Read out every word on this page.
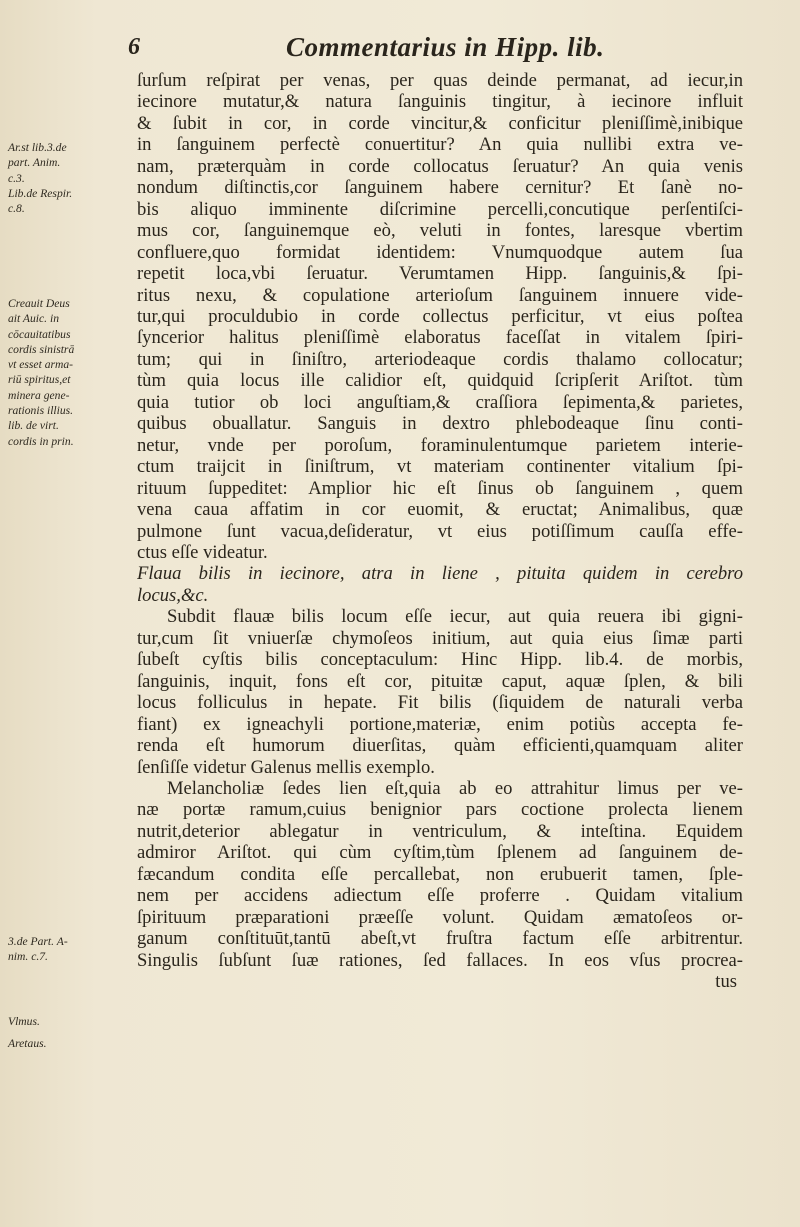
6	Commentarius in Hipp. lib.
Ar.st lib.3.de
part. Anim.
c.3.
Lib.de Respir.
c.8.
Creauit Deus
ait Auic. in
cōcauitatibus
cordis sinistrā
vt esset arma-
riū spiritus,et
minera gene-
rationis illius.
lib. de virt.
cordis in prin.
3.de Part. A-
nim. c.7.
Vlmus.
Aretaus.
ſurſum reſpirat per venas, per quas deinde permanat, ad iecur,in
iecinore mutatur,& natura ſanguinis tingitur, à iecinore influit
& ſubit in cor, in corde vincitur,& conficitur pleniſſimè,inibique
in ſanguinem perfectè conuertitur? An quia nullibi extra ve-
nam, præterquàm in corde collocatus ſeruatur? An quia venis
nondum diſtinctis,cor ſanguinem habere cernitur? Et ſanè no-
bis aliquo imminente diſcrimine percelli,concutique perſentiſci-
mus cor, ſanguinemque eò, veluti in fontes, laresque vbertim
confluere,quo formidat identidem: Vnumquodque autem ſua
repetit loca,vbi ſeruatur. Verumtamen Hipp. ſanguinis,& ſpi-
ritus nexu, & copulatione arterioſum ſanguinem innuere vide-
tur,qui proculdubio in corde collectus perficitur, vt eius poſtea
ſyncerior halitus pleniſſimè elaboratus faceſſat in vitalem ſpiri-
tum; qui in ſiniſtro, arteriodeaque cordis thalamo collocatur;
tùm quia locus ille calidior eſt, quidquid ſcripſerit Ariſtot. tùm
quia tutior ob loci anguſtiam,& craſſiora ſepimenta,& parietes,
quibus obuallatur. Sanguis in dextro phlebodeaque ſinu conti-
netur, vnde per poroſum, foraminulentumque parietem interie-
ctum traijcit in ſiniſtrum, vt materiam continenter vitalium ſpi-
rituum ſuppeditet: Amplior hic eſt ſinus ob ſanguinem , quem
vena caua affatim in cor euomit, & eructat; Animalibus, quæ
pulmone ſunt vacua,deſideratur, vt eius potiſſimum cauſſa effe-
ctus eſſe videatur.
Flaua bilis in iecinore, atra in liene , pituita quidem in cerebro
locus,&c.
Subdit flauæ bilis locum eſſe iecur, aut quia reuera ibi gigni-
tur,cum ſit vniuerſæ chymoſeos initium, aut quia eius ſimæ parti
ſubeſt cyſtis bilis conceptaculum: Hinc Hipp. lib.4. de morbis,
ſanguinis, inquit, fons eſt cor, pituitæ caput, aquæ ſplen, & bili
locus folliculus in hepate. Fit bilis (ſiquidem de naturali verba
fiant) ex igneachyli portione,materiæ, enim potiùs accepta fe-
renda eſt humorum diuerſitas, quàm efficienti,quamquam aliter
ſenſiſſe videtur Galenus mellis exemplo.
Melancholiæ ſedes lien eſt,quia ab eo attrahitur limus per ve-
næ portæ ramum,cuius benignior pars coctione prolecta lienem
nutrit,deterior ablegatur in ventriculum, & inteſtina. Equidem
admiror Ariſtot. qui cùm cyſtim,tùm ſplenem ad ſanguinem de-
fæcandum condita eſſe percallebat, non erubuerit tamen, ſple-
nem per accidens adiectum eſſe proferre . Quidam vitalium
ſpirituum præparationi præeſſe volunt. Quidam æmatoſeos or-
ganum conſtituūt,tantū abeſt,vt fruſtra factum eſſe arbitrentur.
Singulis ſubſunt ſuæ rationes, ſed fallaces. In eos vſus procrea-
tus
